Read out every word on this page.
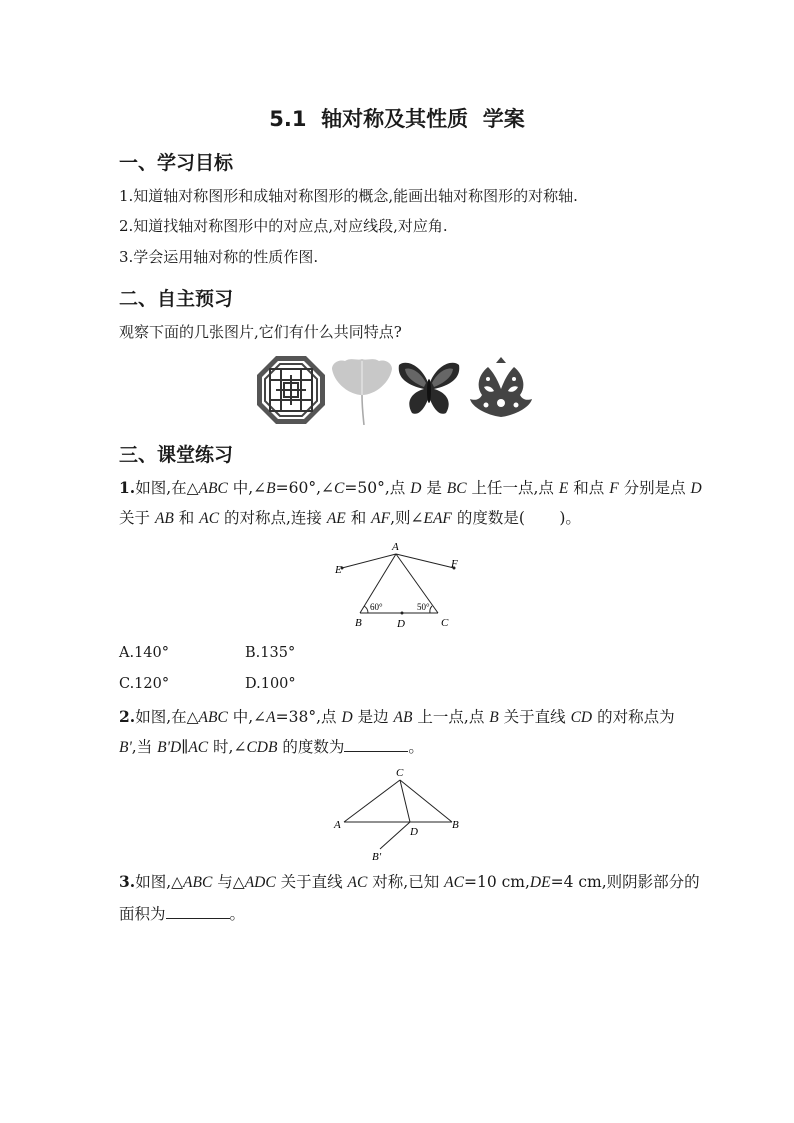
5.1  轴对称及其性质  学案
一、学习目标
1.知道轴对称图形和成轴对称图形的概念,能画出轴对称图形的对称轴.
2.知道找轴对称图形中的对应点,对应线段,对应角.
3.学会运用轴对称的性质作图.
二、自主预习
观察下面的几张图片,它们有什么共同特点?
三、课堂练习
1.如图,在△ABC 中,∠B=60°,∠C=50°,点 D 是 BC 上任一点,点 E 和点 F 分别是点 D
关于 AB 和 AC 的对称点,连接 AE 和 AF,则∠EAF 的度数是(       )。
A
E	F
B	D	C
60°	50°
A.140°	B.135°
C.120°	D.100°
2.如图,在△ABC 中,∠A=38°,点 D 是边 AB 上一点,点 B 关于直线 CD 的对称点为
B',当 B'D∥AC 时,∠CDB 的度数为	。
C
A	B
D
B′
3.如图,△ABC 与△ADC 关于直线 AC 对称,已知 AC=10 cm,DE=4 cm,则阴影部分的
面积为	。
